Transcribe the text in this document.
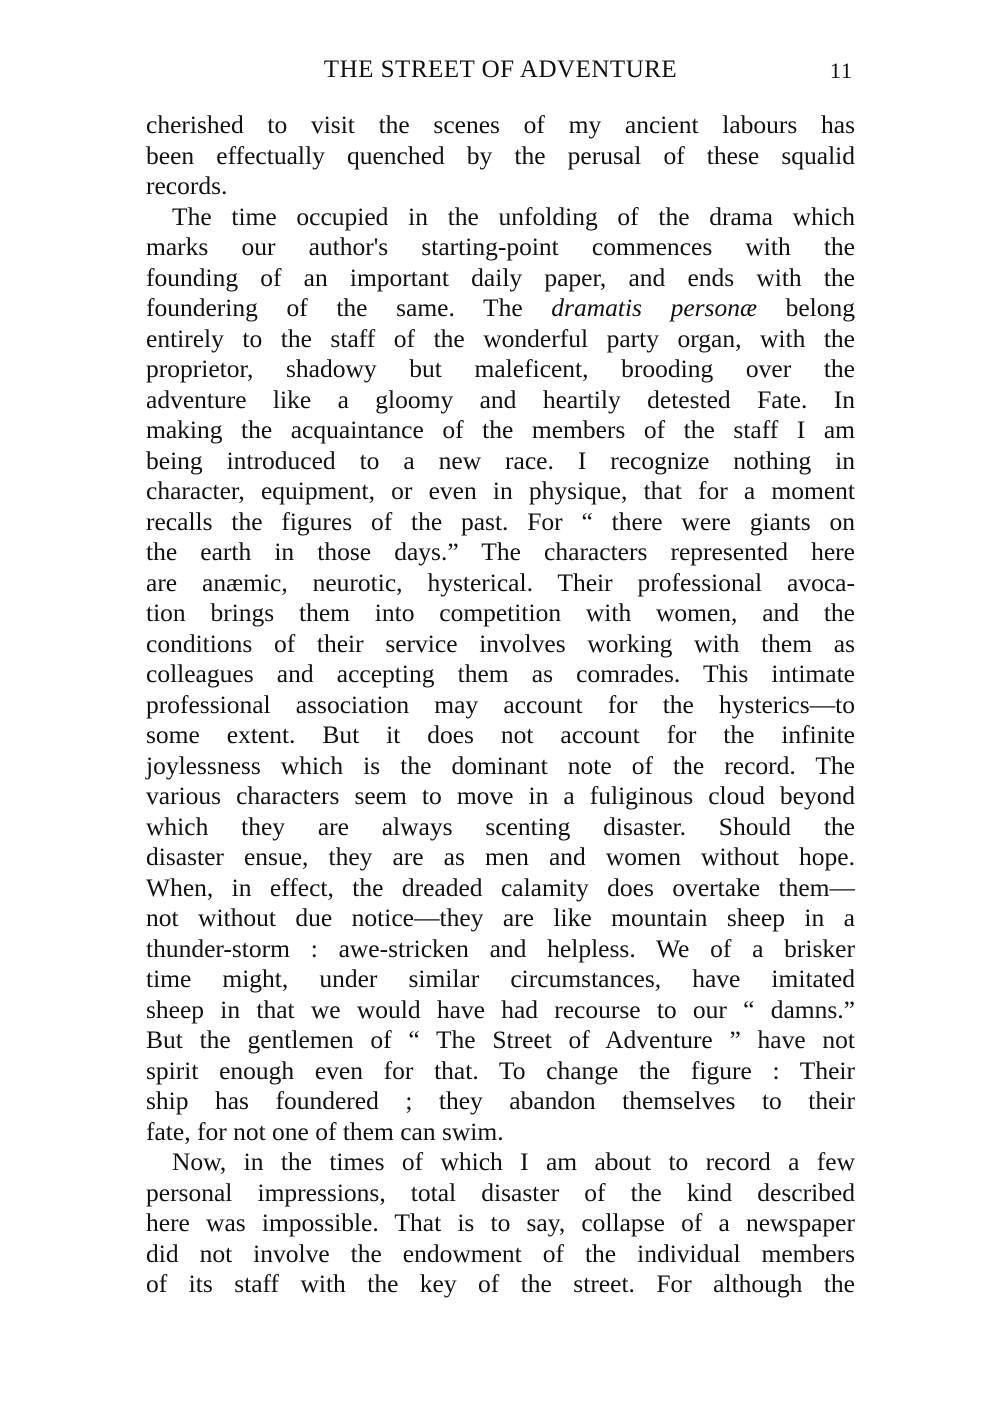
THE STREET OF ADVENTURE	11
cherished to visit the scenes of my ancient labours has
been effectually quenched by the perusal of these squalid
records.
The time occupied in the unfolding of the drama which
marks our author's starting-point commences with the
founding of an important daily paper, and ends with the
foundering of the same. The dramatis personæ belong
entirely to the staff of the wonderful party organ, with the
proprietor, shadowy but maleficent, brooding over the
adventure like a gloomy and heartily detested Fate. In
making the acquaintance of the members of the staff I am
being introduced to a new race. I recognize nothing in
character, equipment, or even in physique, that for a moment
recalls the figures of the past. For “ there were giants on
the earth in those days.” The characters represented here
are anæmic, neurotic, hysterical. Their professional avoca-
tion brings them into competition with women, and the
conditions of their service involves working with them as
colleagues and accepting them as comrades. This intimate
professional association may account for the hysterics—to
some extent. But it does not account for the infinite
joylessness which is the dominant note of the record. The
various characters seem to move in a fuliginous cloud beyond
which they are always scenting disaster. Should the
disaster ensue, they are as men and women without hope.
When, in effect, the dreaded calamity does overtake them—
not without due notice—they are like mountain sheep in a
thunder-storm : awe-stricken and helpless. We of a brisker
time might, under similar circumstances, have imitated
sheep in that we would have had recourse to our “ damns.”
But the gentlemen of “ The Street of Adventure ” have not
spirit enough even for that. To change the figure : Their
ship has foundered ; they abandon themselves to their
fate, for not one of them can swim.
Now, in the times of which I am about to record a few
personal impressions, total disaster of the kind described
here was impossible. That is to say, collapse of a newspaper
did not involve the endowment of the individual members
of its staff with the key of the street. For although the
